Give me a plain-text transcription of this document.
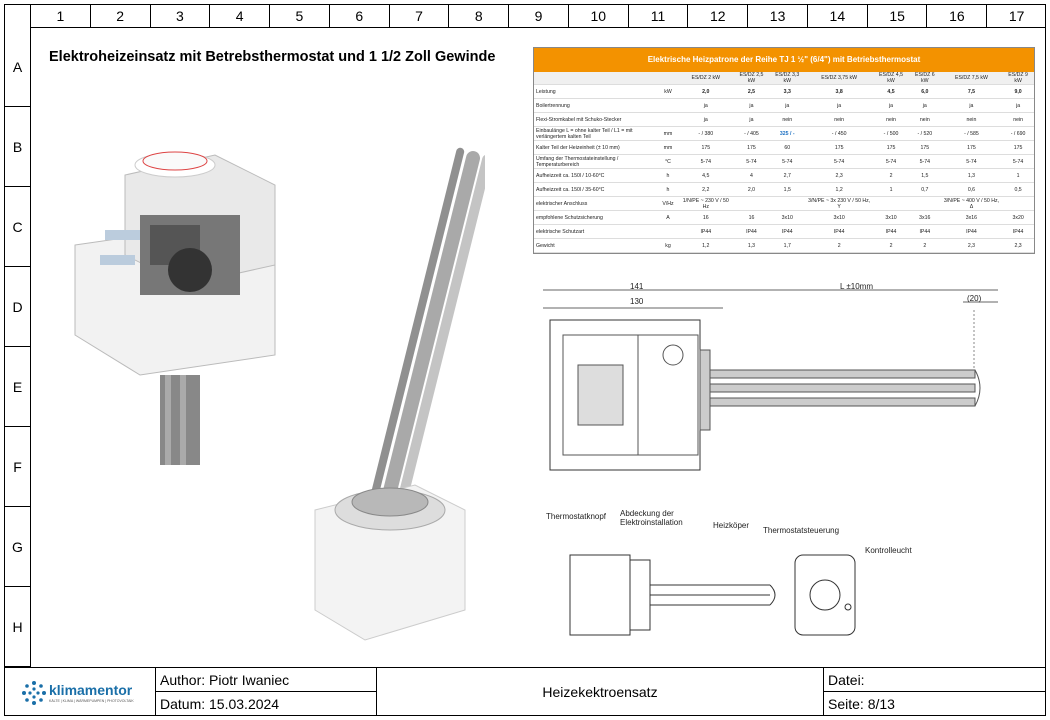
1	2	3	4	5	6	7	8	9	10	11	12	13	14	15	16	17
A
B
C
D
E
F
G
H
Elektroheizeinsatz mit Betrebsthermostat und 1 1/2 Zoll Gewinde	Elektrische Heizpatrone der Reihe TJ 1 ½" (6/4") mit Betriebsthermostat
		ES/DZ 2 kW	ES/DZ 2,5 kW	ES/DZ 3,3 kW	ES/DZ 3,75 kW	ES/DZ 4,5 kW	ES/DZ 6 kW	ES/DZ 7,5 kW	ES/DZ 9 kW
Leistung	kW	2,0	2,5	3,3	3,8	4,5	6,0	7,5	9,0
Boilertrennung		ja	ja	ja	ja	ja	ja	ja	ja
Flexi-Stromkabel mit Schuko-Stecker		ja	ja	nein	nein	nein	nein	nein	nein
Einbaulänge L = ohne kalter Teil / L1 = mit verlängertem kalten Teil	mm	- / 380	- / 405	325 / -	- / 450	- / 500	- / 520	- / 585	- / 690
Kalter Teil der Heizeinheit (± 10 mm)	mm	175	175	60	175	175	175	175	175
Umfang der Thermostateinstellung / Temperaturbereich	°C	5-74	5-74	5-74	5-74	5-74	5-74	5-74	5-74
Aufheizzeit ca. 150l / 10-60°C	h	4,5	4	2,7	2,3	2	1,5	1,3	1
Aufheizzeit ca. 150l / 35-60°C	h	2,2	2,0	1,5	1,2	1	0,7	0,6	0,5
elektrischer Anschluss	V/Hz	1/N/PE ~ 230 V / 50 Hz			3/N/PE ~ 3x 230 V / 50 Hz, Y			3/N/PE ~ 400 V / 50 Hz, Δ	
empfohlene Schutzsicherung	A	16	16	3x10	3x10	3x10	3x16	3x16	3x20
elektrische Schutzart		IP44	IP44	IP44	IP44	IP44	IP44	IP44	IP44
Gewicht	kg	1,2	1,3	1,7	2	2	2	2,3	2,3
141
130
L ±10mm
(20)
Thermostatknopf Abdeckung der Elektroinstallation	Heizköper
Thermostatsteuerung
Kontrolleucht
klimamentor
KÄLTE | KLIMA | WÄRMEPUMPEN | PHOTOVOLTAIK
Author: Piotr Iwaniec
Datum: 15.03.2024
Heizekektroensatz
Datei:
Seite: 8/13
